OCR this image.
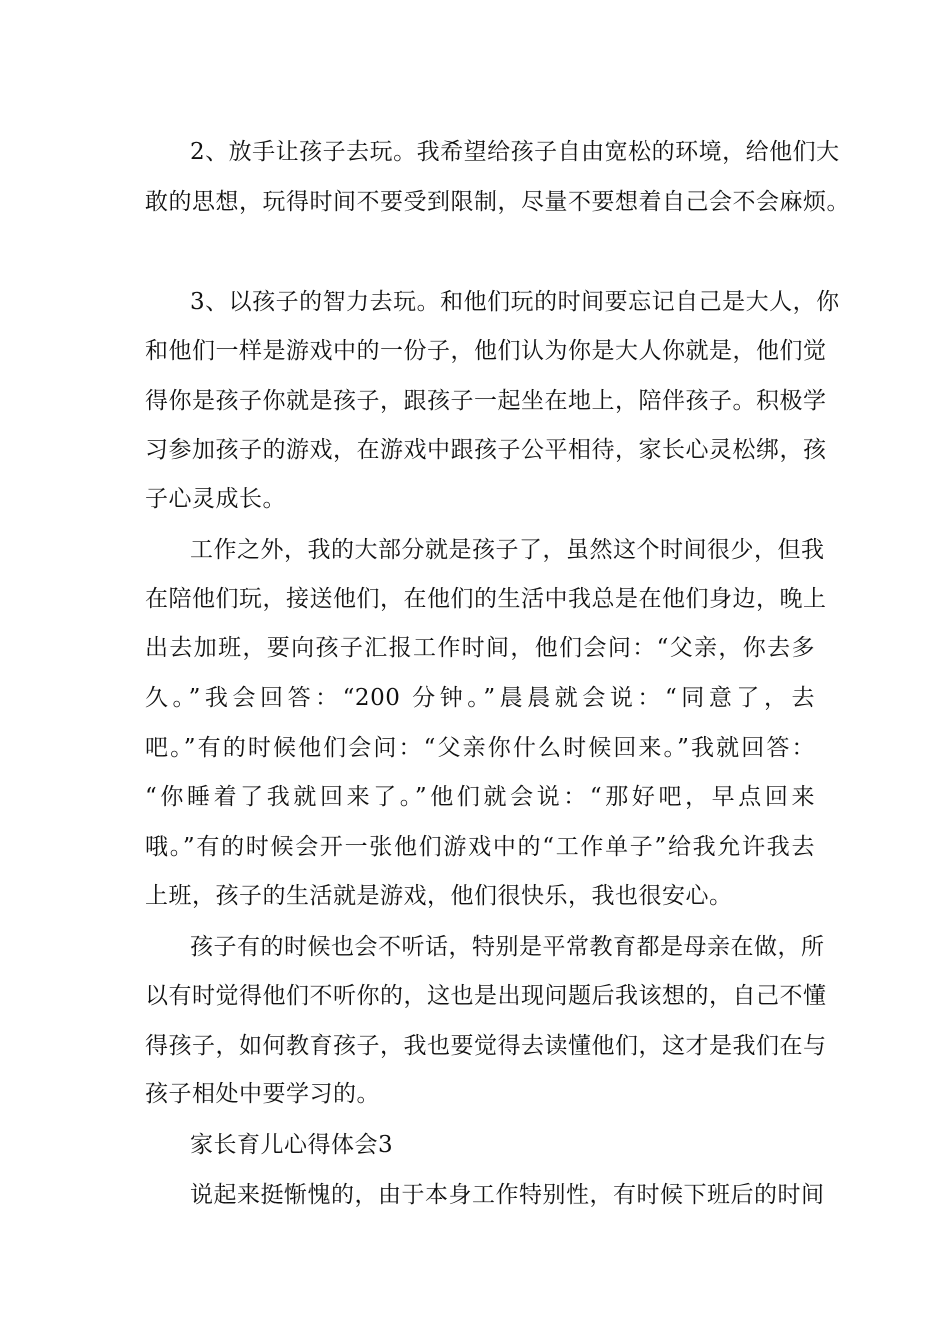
2、放手让孩子去玩。我希望给孩子自由宽松的环境，给他们大
敢的思想，玩得时间不要受到限制，尽量不要想着自己会不会麻烦。
3、以孩子的智力去玩。和他们玩的时间要忘记自己是大人，你
和他们一样是游戏中的一份子，他们认为你是大人你就是，他们觉
得你是孩子你就是孩子，跟孩子一起坐在地上，陪伴孩子。积极学
习参加孩子的游戏，在游戏中跟孩子公平相待，家长心灵松绑，孩
子心灵成长。
工作之外，我的大部分就是孩子了，虽然这个时间很少，但我
在陪他们玩，接送他们，在他们的生活中我总是在他们身边，晚上
出去加班，要向孩子汇报工作时间，他们会问：“父亲，你去多
久。”我会回答：“200 分钟。”晨晨就会说：“同意了，去
吧。”有的时候他们会问：“父亲你什么时候回来。”我就回答：
“你睡着了我就回来了。”他们就会说：“那好吧，早点回来
哦。”有的时候会开一张他们游戏中的“工作单子”给我允许我去
上班，孩子的生活就是游戏，他们很快乐，我也很安心。
孩子有的时候也会不听话，特别是平常教育都是母亲在做，所
以有时觉得他们不听你的，这也是出现问题后我该想的，自己不懂
得孩子，如何教育孩子，我也要觉得去读懂他们，这才是我们在与
孩子相处中要学习的。
家长育儿心得体会3
说起来挺惭愧的，由于本身工作特别性，有时候下班后的时间
